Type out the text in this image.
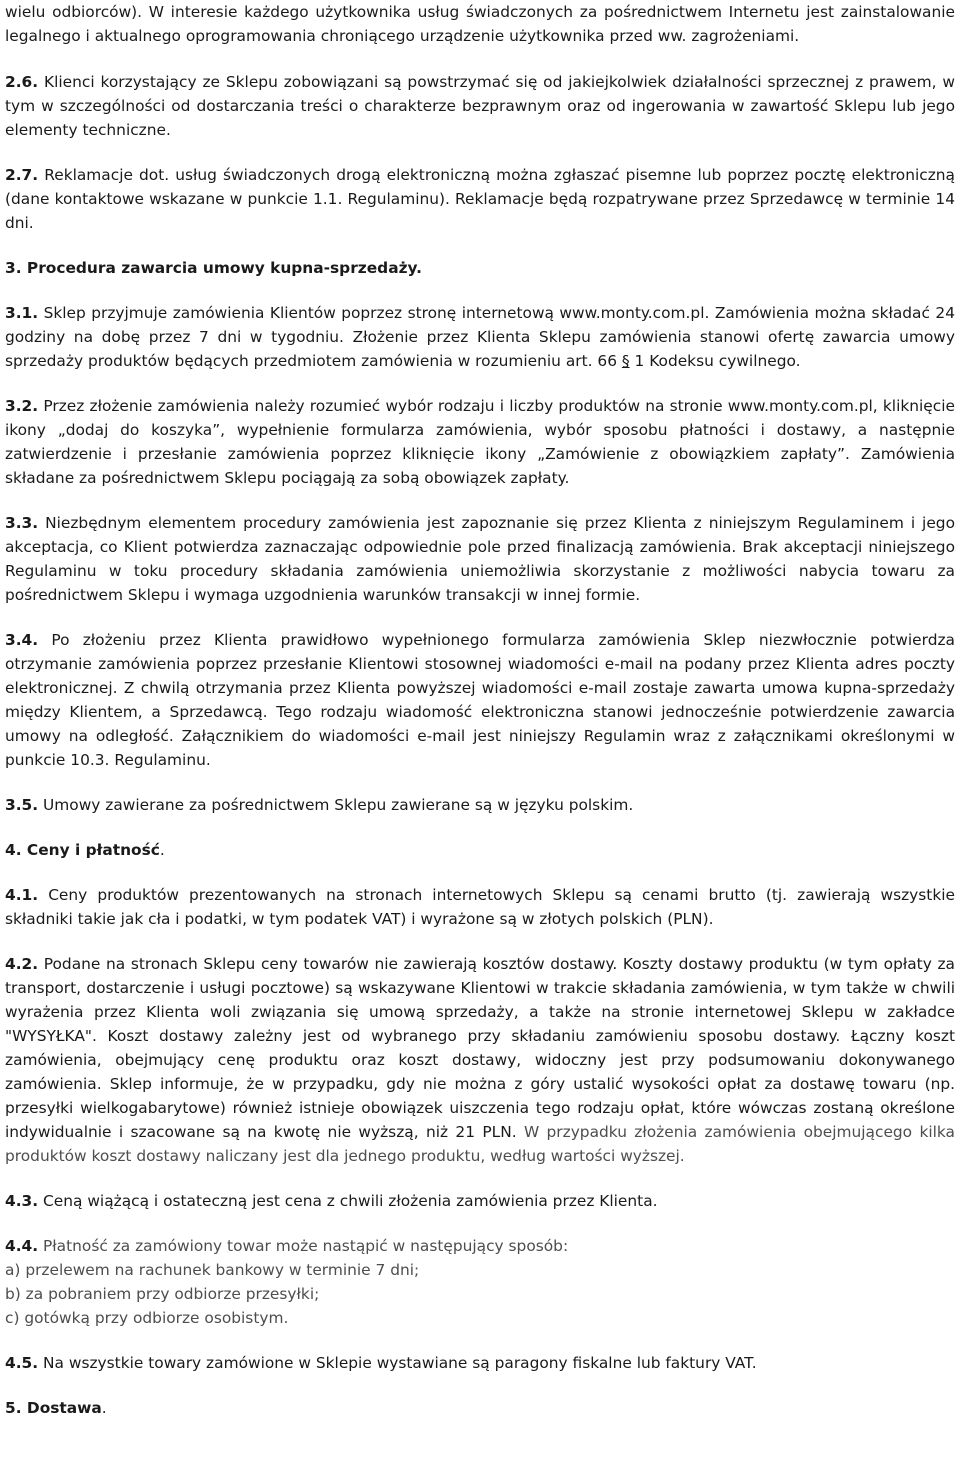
wielu odbiorców). W interesie każdego użytkownika usług świadczonych za pośrednictwem Internetu jest zainstalowanie legalnego i aktualnego oprogramowania chroniącego urządzenie użytkownika przed ww. zagrożeniami.

2.6. Klienci korzystający ze Sklepu zobowiązani są powstrzymać się od jakiejkolwiek działalności sprzecznej z prawem, w tym w szczególności od dostarczania treści o charakterze bezprawnym oraz od ingerowania w zawartość Sklepu lub jego elementy techniczne.

2.7. Reklamacje dot. usług świadczonych drogą elektroniczną można zgłaszać pisemne lub poprzez pocztę elektroniczną (dane kontaktowe wskazane w punkcie 1.1. Regulaminu). Reklamacje będą rozpatrywane przez Sprzedawcę w terminie 14 dni.

3. Procedura zawarcia umowy kupna-sprzedaży.

3.1. Sklep przyjmuje zamówienia Klientów poprzez stronę internetową www.monty.com.pl. Zamówienia można składać 24 godziny na dobę przez 7 dni w tygodniu. Złożenie przez Klienta Sklepu zamówienia stanowi ofertę zawarcia umowy sprzedaży produktów będących przedmiotem zamówienia w rozumieniu art. 66 § 1 Kodeksu cywilnego.

3.2. Przez złożenie zamówienia należy rozumieć wybór rodzaju i liczby produktów na stronie www.monty.com.pl, kliknięcie ikony „dodaj do koszyka”, wypełnienie formularza zamówienia, wybór sposobu płatności i dostawy, a następnie zatwierdzenie i przesłanie zamówienia poprzez kliknięcie ikony „Zamówienie z obowiązkiem zapłaty”. Zamówienia składane za pośrednictwem Sklepu pociągają za sobą obowiązek zapłaty.

3.3. Niezbędnym elementem procedury zamówienia jest zapoznanie się przez Klienta z niniejszym Regulaminem i jego akceptacja, co Klient potwierdza zaznaczając odpowiednie pole przed finalizacją zamówienia. Brak akceptacji niniejszego Regulaminu w toku procedury składania zamówienia uniemożliwia skorzystanie z możliwości nabycia towaru za pośrednictwem Sklepu i wymaga uzgodnienia warunków transakcji w innej formie.

3.4. Po złożeniu przez Klienta prawidłowo wypełnionego formularza zamówienia Sklep niezwłocznie potwierdza otrzymanie zamówienia poprzez przesłanie Klientowi stosownej wiadomości e-mail na podany przez Klienta adres poczty elektronicznej. Z chwilą otrzymania przez Klienta powyższej wiadomości e-mail zostaje zawarta umowa kupna-sprzedaży między Klientem, a Sprzedawcą. Tego rodzaju wiadomość elektroniczna stanowi jednocześnie potwierdzenie zawarcia umowy na odległość. Załącznikiem do wiadomości e-mail jest niniejszy Regulamin wraz z załącznikami określonymi w punkcie 10.3. Regulaminu.

3.5. Umowy zawierane za pośrednictwem Sklepu zawierane są w języku polskim.

4. Ceny i płatność.

4.1. Ceny produktów prezentowanych na stronach internetowych Sklepu są cenami brutto (tj. zawierają wszystkie składniki takie jak cła i podatki, w tym podatek VAT) i wyrażone są w złotych polskich (PLN).

4.2. Podane na stronach Sklepu ceny towarów nie zawierają kosztów dostawy. Koszty dostawy produktu (w tym opłaty za transport, dostarczenie i usługi pocztowe) są wskazywane Klientowi w trakcie składania zamówienia, w tym także w chwili wyrażenia przez Klienta woli związania się umową sprzedaży, a także na stronie internetowej Sklepu w zakładce "WYSYŁKA". Koszt dostawy zależny jest od wybranego przy składaniu zamówieniu sposobu dostawy. Łączny koszt zamówienia, obejmujący cenę produktu oraz koszt dostawy, widoczny jest przy podsumowaniu dokonywanego zamówienia. Sklep informuje, że w przypadku, gdy nie można z góry ustalić wysokości opłat za dostawę towaru (np. przesyłki wielkogabarytowe) również istnieje obowiązek uiszczenia tego rodzaju opłat, które wówczas zostaną określone indywidualnie i szacowane są na kwotę nie wyższą, niż 21 PLN. W przypadku złożenia zamówienia obejmującego kilka produktów koszt dostawy naliczany jest dla jednego produktu, według wartości wyższej.

4.3. Ceną wiążącą i ostateczną jest cena z chwili złożenia zamówienia przez Klienta.

4.4. Płatność za zamówiony towar może nastąpić w następujący sposób:
a) przelewem na rachunek bankowy w terminie 7 dni;
b) za pobraniem przy odbiorze przesyłki;
c) gotówką przy odbiorze osobistym.

4.5. Na wszystkie towary zamówione w Sklepie wystawiane są paragony fiskalne lub faktury VAT.

5. Dostawa.
